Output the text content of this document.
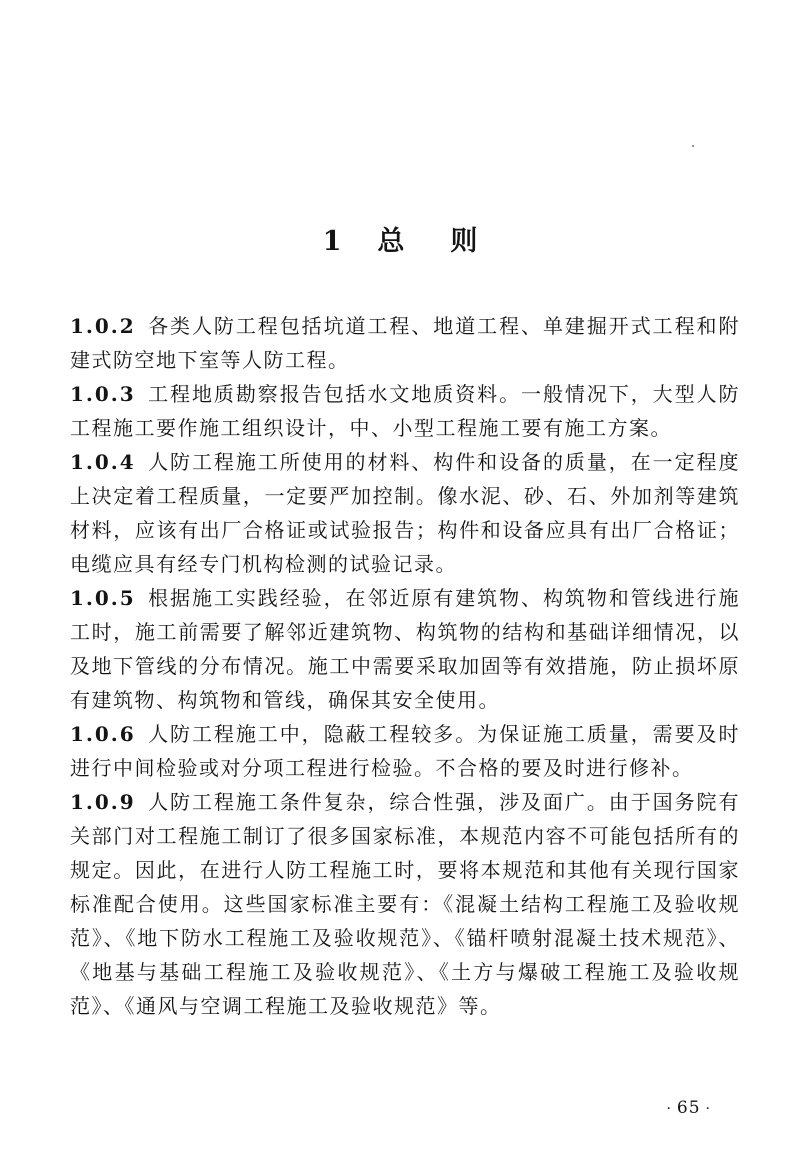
1 总 则

1.0.2 各类人防工程包括坑道工程、地道工程、单建掘开式工程和附建式防空地下室等人防工程。

1.0.3 工程地质勘察报告包括水文地质资料。一般情况下，大型人防工程施工要作施工组织设计，中、小型工程施工要有施工方案。

1.0.4 人防工程施工所使用的材料、构件和设备的质量，在一定程度上决定着工程质量，一定要严加控制。像水泥、砂、石、外加剂等建筑材料，应该有出厂合格证或试验报告；构件和设备应具有出厂合格证；电缆应具有经专门机构检测的试验记录。

1.0.5 根据施工实践经验，在邻近原有建筑物、构筑物和管线进行施工时，施工前需要了解邻近建筑物、构筑物的结构和基础详细情况，以及地下管线的分布情况。施工中需要采取加固等有效措施，防止损坏原有建筑物、构筑物和管线，确保其安全使用。

1.0.6 人防工程施工中，隐蔽工程较多。为保证施工质量，需要及时进行中间检验或对分项工程进行检验。不合格的要及时进行修补。

1.0.9 人防工程施工条件复杂，综合性强，涉及面广。由于国务院有关部门对工程施工制订了很多国家标准，本规范内容不可能包括所有的规定。因此，在进行人防工程施工时，要将本规范和其他有关现行国家标准配合使用。这些国家标准主要有：《混凝土结构工程施工及验收规范》、《地下防水工程施工及验收规范》、《锚杆喷射混凝土技术规范》、《地基与基础工程施工及验收规范》、《土方与爆破工程施工及验收规范》、《通风与空调工程施工及验收规范》等。

· 65 ·
